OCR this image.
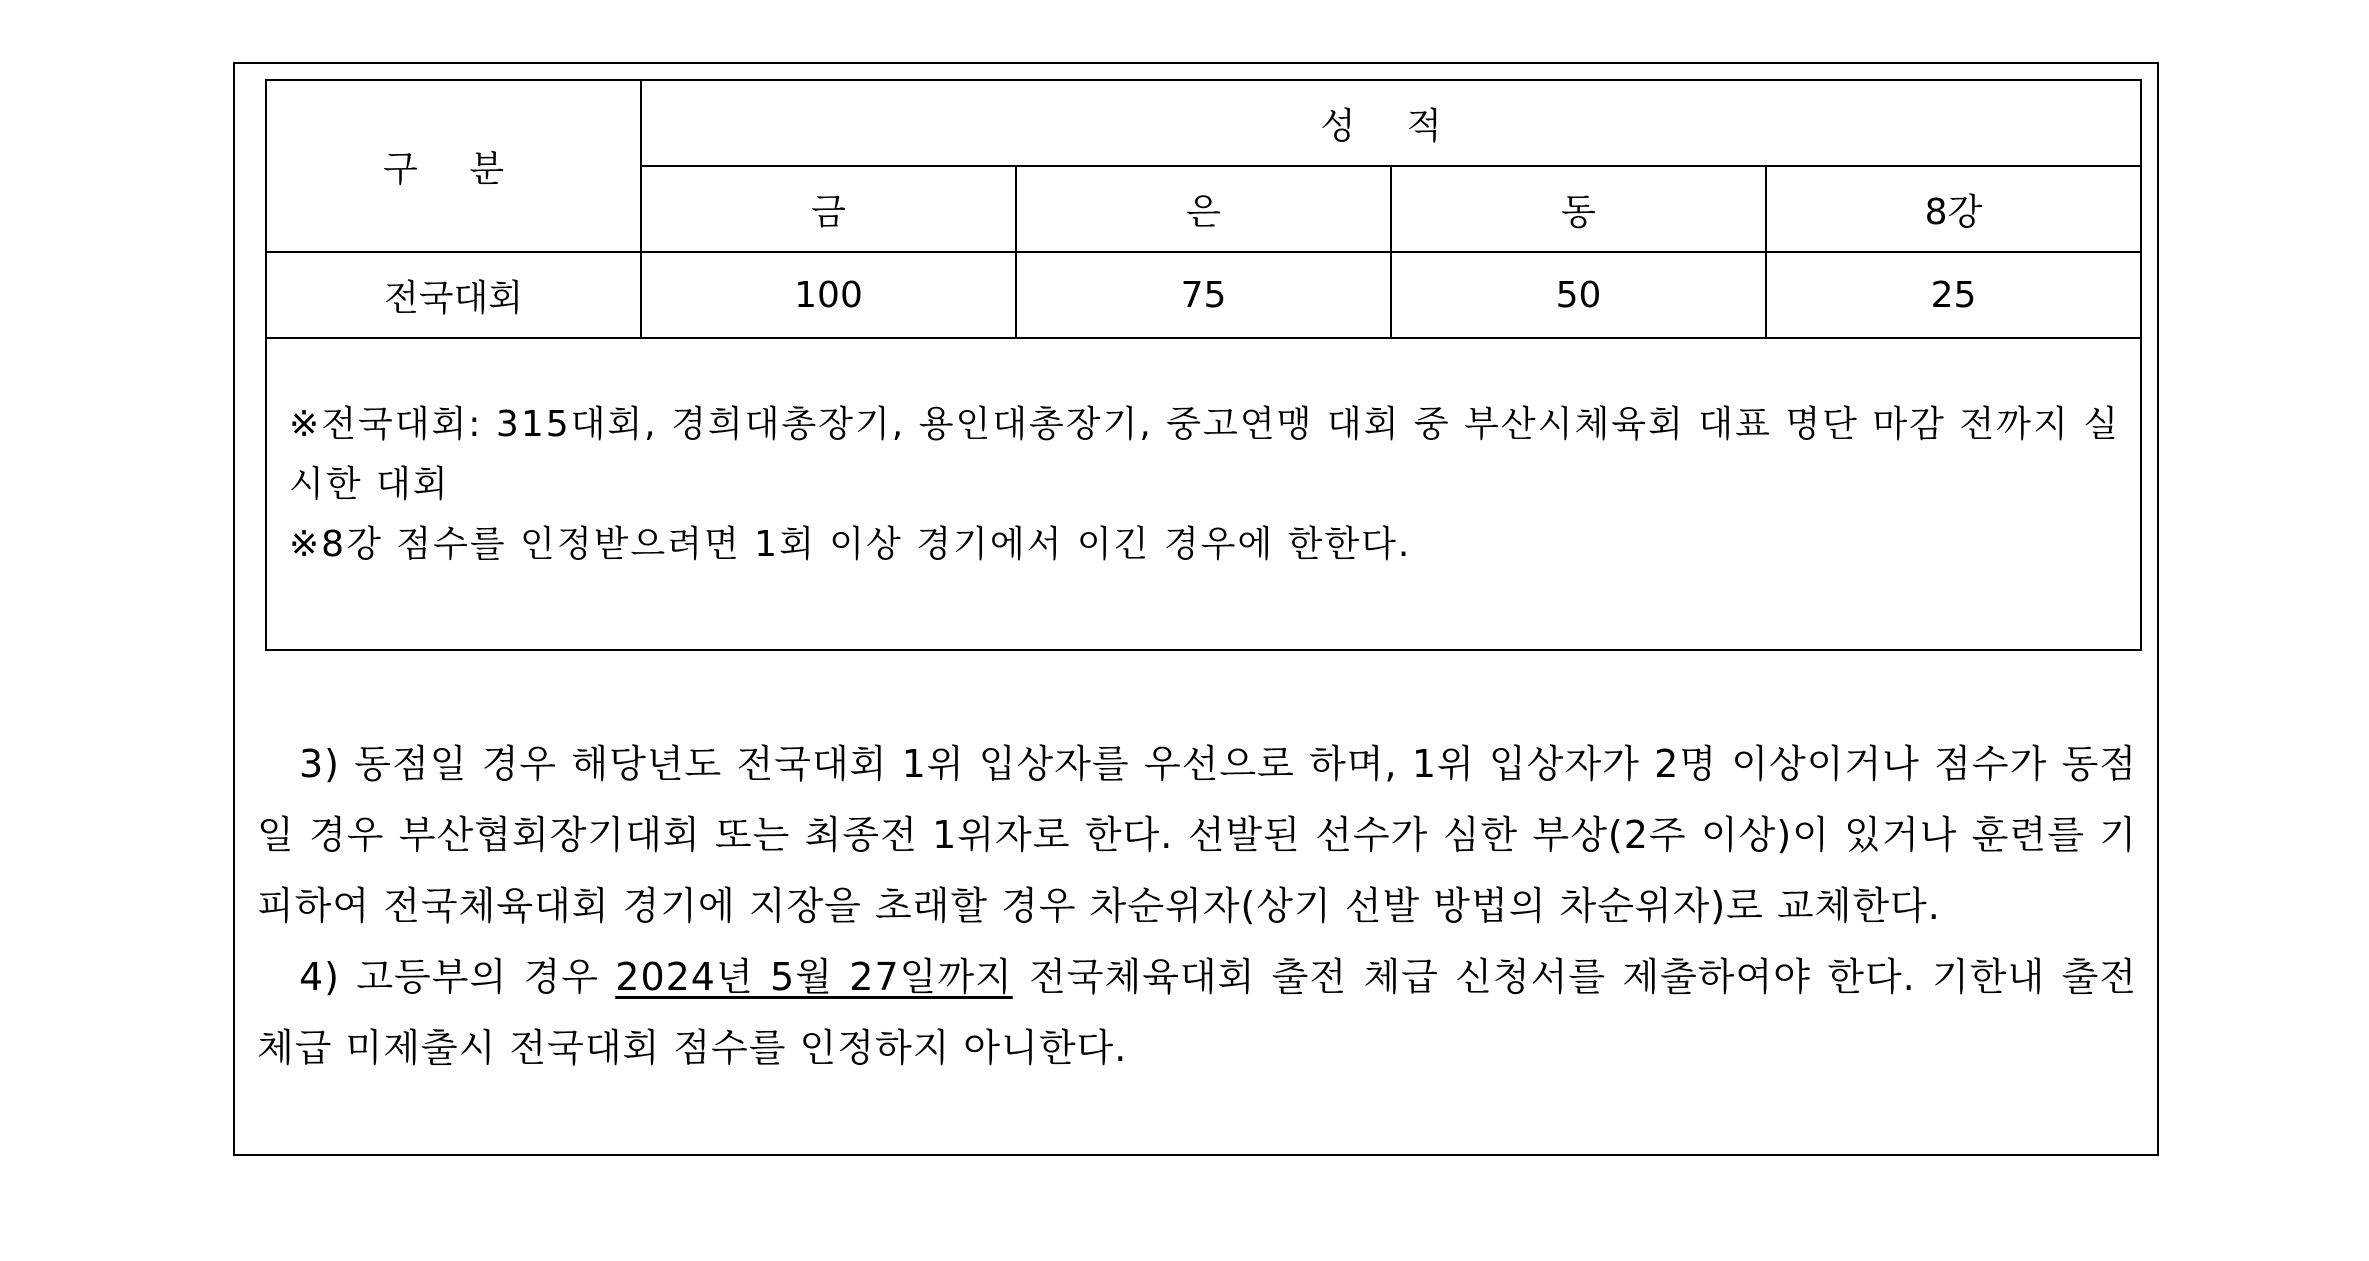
구 분	성 적			
	금	은	동	8강
전국대회	100	75	50	25

※전국대회: 315대회, 경희대총장기, 용인대총장기, 중고연맹 대회 중 부산시체육회 대표 명단 마감 전까지 실시한 대회
※8강 점수를 인정받으려면 1회 이상 경기에서 이긴 경우에 한한다.				

3) 동점일 경우 해당년도 전국대회 1위 입상자를 우선으로 하며, 1위 입상자가 2명 이상이거나 점수가 동점일 경우 부산협회장기대회 또는 최종전 1위자로 한다. 선발된 선수가 심한 부상(2주 이상)이 있거나 훈련를 기피하여 전국체육대회 경기에 지장을 초래할 경우 차순위자(상기 선발 방법의 차순위자)로 교체한다.

4) 고등부의 경우 2024년 5월 27일까지 전국체육대회 출전 체급 신청서를 제출하여야 한다. 기한내 출전 체급 미제출시 전국대회 점수를 인정하지 아니한다.
